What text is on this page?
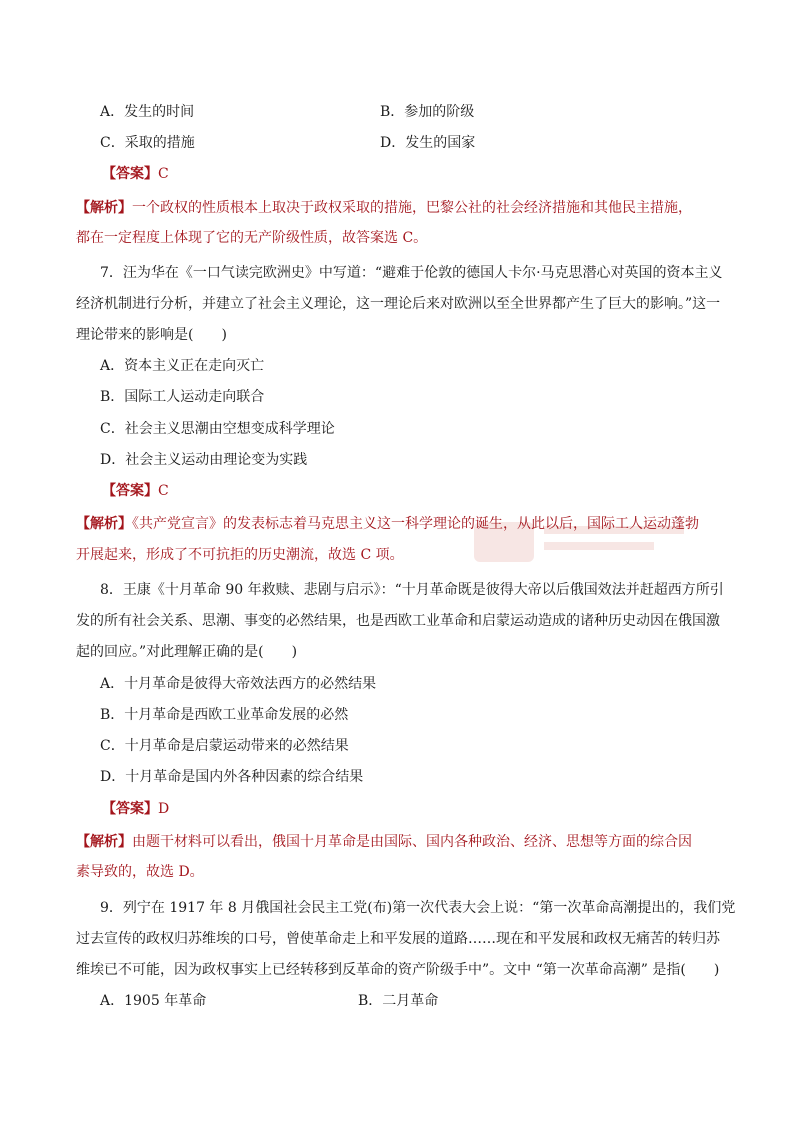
A．发生的时间	B．参加的阶级
C．采取的措施	D．发生的国家
【答案】C
【解析】一个政权的性质根本上取决于政权采取的措施，巴黎公社的社会经济措施和其他民主措施，
都在一定程度上体现了它的无产阶级性质，故答案选 C。
7．汪为华在《一口气读完欧洲史》中写道：“避难于伦敦的德国人卡尔·马克思潜心对英国的资本主义
经济机制进行分析，并建立了社会主义理论，这一理论后来对欧洲以至全世界都产生了巨大的影响。”这一
理论带来的影响是(　　)
A．资本主义正在走向灭亡
B．国际工人运动走向联合
C．社会主义思潮由空想变成科学理论
D．社会主义运动由理论变为实践
【答案】C
【解析】《共产党宣言》的发表标志着马克思主义这一科学理论的诞生，从此以后，国际工人运动蓬勃
开展起来，形成了不可抗拒的历史潮流，故选 C 项。
8．王康《十月革命 90 年救赎、悲剧与启示》：“十月革命既是彼得大帝以后俄国效法并赶超西方所引
发的所有社会关系、思潮、事变的必然结果，也是西欧工业革命和启蒙运动造成的诸种历史动因在俄国激
起的回应。”对此理解正确的是(　　)
A．十月革命是彼得大帝效法西方的必然结果
B．十月革命是西欧工业革命发展的必然
C．十月革命是启蒙运动带来的必然结果
D．十月革命是国内外各种因素的综合结果
【答案】D
【解析】由题干材料可以看出，俄国十月革命是由国际、国内各种政治、经济、思想等方面的综合因
素导致的，故选 D。
9．列宁在 1917 年 8 月俄国社会民主工党(布)第一次代表大会上说：“第一次革命高潮提出的，我们党
过去宣传的政权归苏维埃的口号，曾使革命走上和平发展的道路……现在和平发展和政权无痛苦的转归苏
维埃已不可能，因为政权事实上已经转移到反革命的资产阶级手中”。文中 “第一次革命高潮” 是指(　　)
A．1905 年革命	B．二月革命
